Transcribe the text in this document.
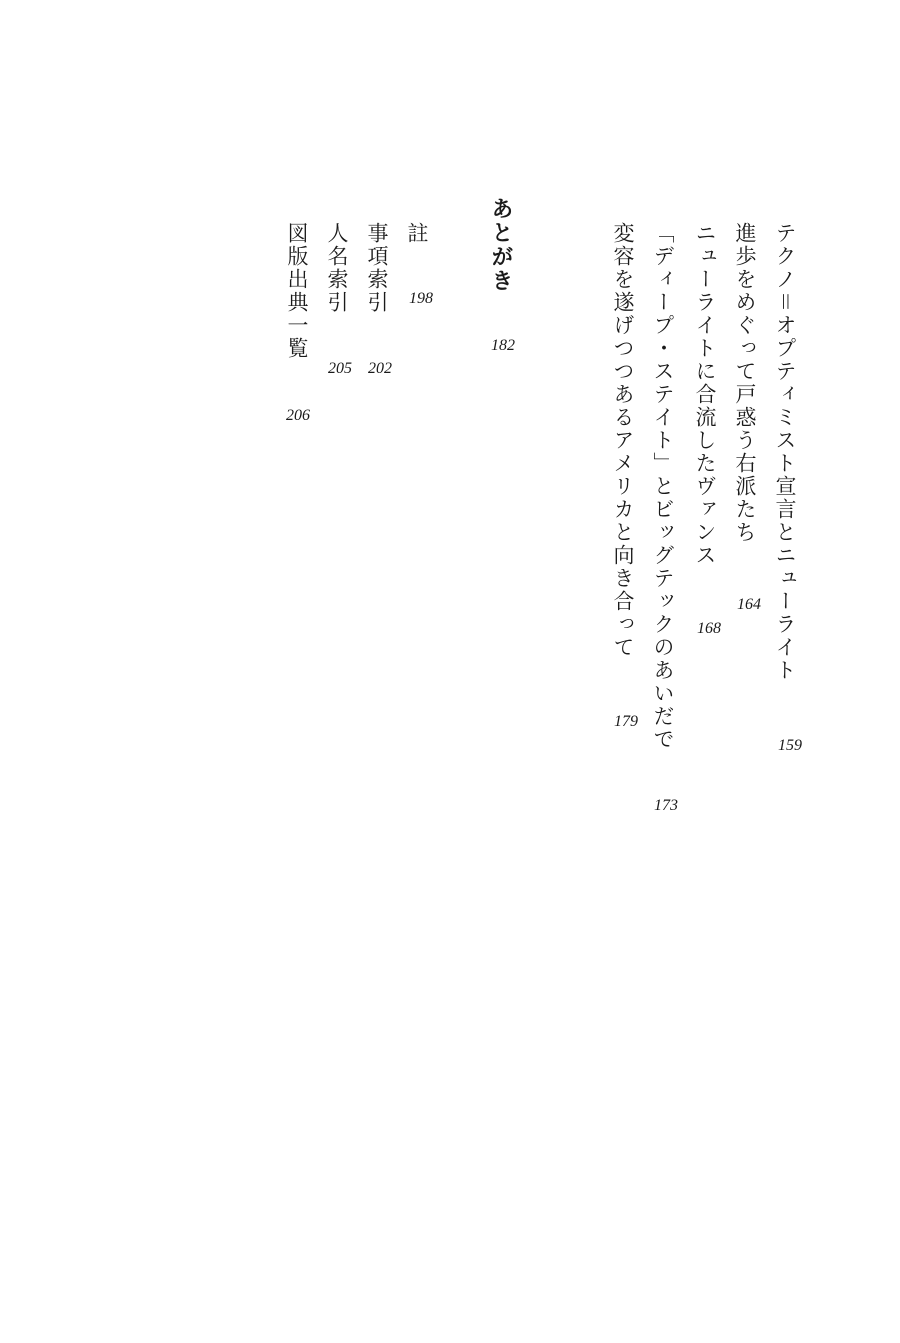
テクノ＝オプティミスト宣言とニューライト
159
進歩をめぐって戸惑う右派たち
164
ニューライトに合流したヴァンス
168
「ディープ・ステイト」とビッグテックのあいだで
173
変容を遂げつつあるアメリカと向き合って
179
あとがき
182
註
198
事項索引
202
人名索引
205
図版出典一覧
206
